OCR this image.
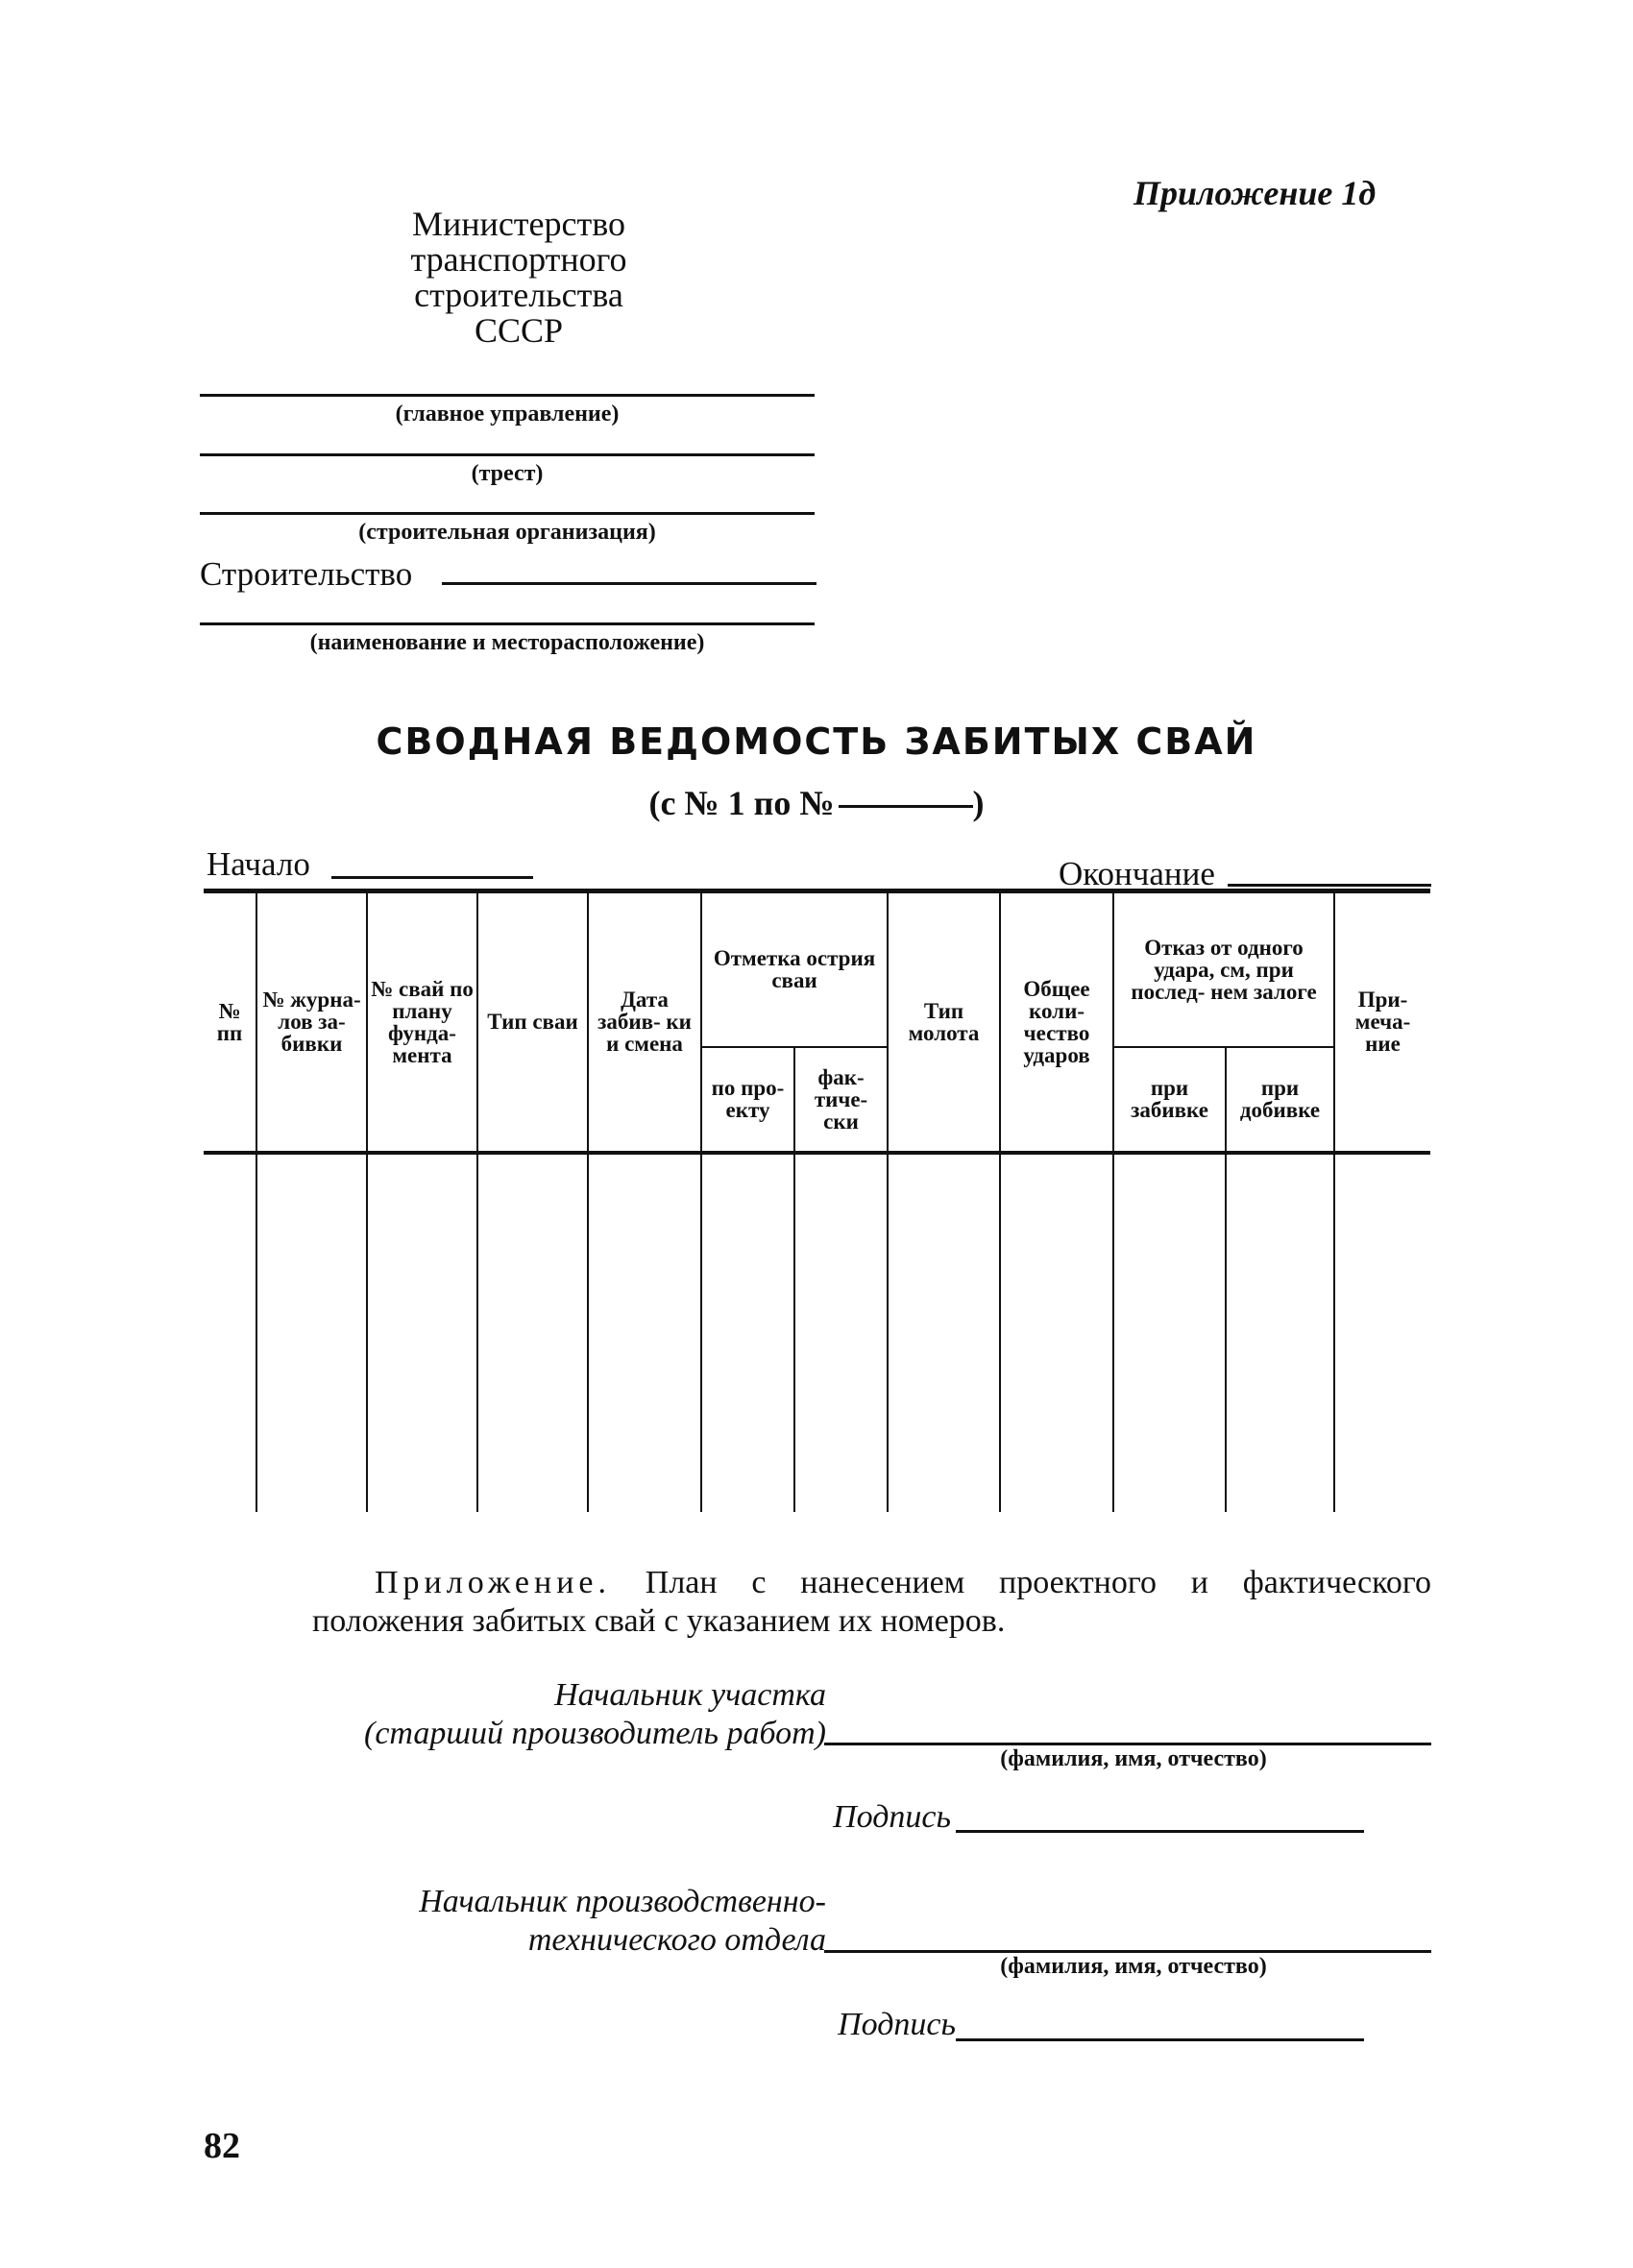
Приложение 1д
Министерство
транспортного
строительства
СССР
(главное управление)
(трест)
(строительная организация)
Строительство
(наименование и месторасположение)
СВОДНАЯ ВЕДОМОСТЬ ЗАБИТЫХ СВАЙ
(с № 1 по №	)
Начало	Окончание
№ пп	№ журна- лов за- бивки	№ свай по плану фунда- мента	Тип сваи	Дата забив- ки и смена	Отметка острия сваи		Тип молота	Общее коли- чество ударов	Отказ от одного удара, см, при послед- нем залоге		При- меча- ние
					по про- екту	фак- тиче- ски			при забивке	при добивке	

Приложение. План с нанесением проектного и фактического положения забитых свай с указанием их номеров.
Начальник участка
(старший производитель работ)
(фамилия, имя, отчество)
Подпись
Начальник производственно-
технического отдела
(фамилия, имя, отчество)
Подпись
82
